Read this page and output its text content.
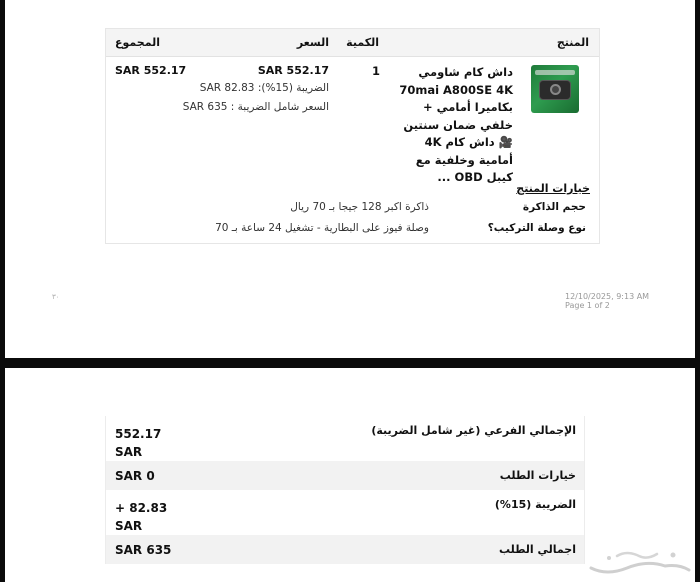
المنتج
الكمية
السعر
المجموع
داش كام شاومي 70mai A800SE 4K بكاميرا أمامي + خلفي ضمان سنتين 🎥 داش كام 4K أمامية وخلفية مع كيبل OBD ...
1
SAR 552.17
الضريبة (15%): SAR 82.83
السعر شامل الضريبة : SAR 635
SAR 552.17
خيارات المنتج
حجم الذاكرة
ذاكرة اكبر 128 جيجا بـ 70 ريال
نوع وصلة التركيب؟
وصلة فيوز على البطارية - تشغيل 24 ساعة بـ 70
٣٠	12/10/2025, 9:13 AM
Page 1 of 2
الإجمالي الفرعي (غير شامل الضريبة)
552.17 SAR
خيارات الطلب
SAR 0
الضريبة (15%)
+ 82.83 SAR
اجمالي الطلب
SAR 635
